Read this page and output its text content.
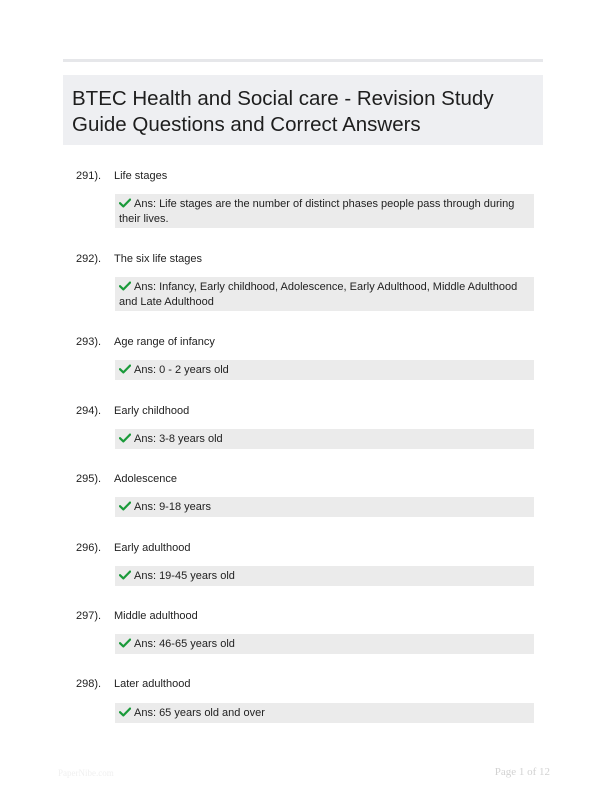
BTEC Health and Social care - Revision Study Guide Questions and Correct Answers
291). Life stages
Ans: Life stages are the number of distinct phases people pass through during their lives.
292). The six life stages
Ans: Infancy, Early childhood, Adolescence, Early Adulthood, Middle Adulthood and Late Adulthood
293). Age range of infancy
Ans: 0 - 2 years old
294). Early childhood
Ans: 3-8 years old
295). Adolescence
Ans: 9-18 years
296). Early adulthood
Ans: 19-45 years old
297). Middle adulthood
Ans: 46-65 years old
298). Later adulthood
Ans: 65 years old and over
PaperNibe.com	Page 1 of 12
